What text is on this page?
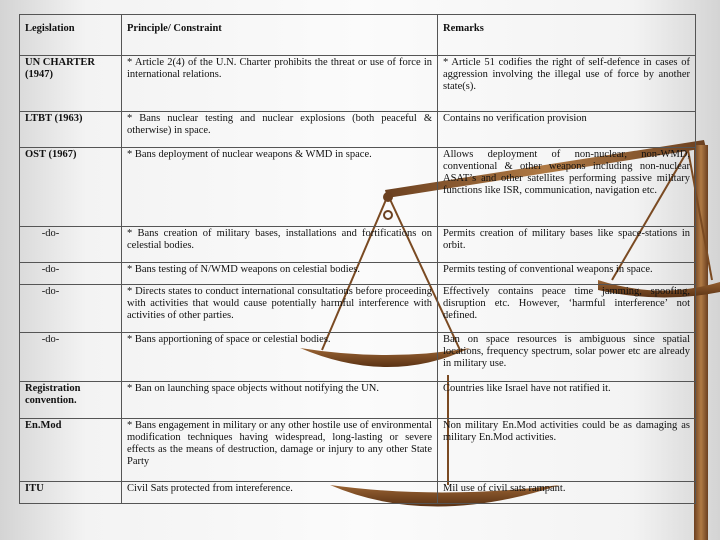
Legislation	Principle/ Constraint	Remarks
UN CHARTER (1947)	* Article 2(4) of the U.N. Charter prohibits the threat or use of force in international relations.	* Article 51 codifies the right of self-defence in cases of aggression involving the illegal use of force by another state(s).
LTBT (1963)	* Bans nuclear testing and nuclear explosions (both peaceful & otherwise) in space.	Contains no verification provision
OST (1967)	* Bans deployment of nuclear weapons & WMD in space.	Allows deployment of non-nuclear, non-WMD, conventional & other weapons including non-nuclear ASAT’s and other satellites performing passive military functions like ISR, communication, navigation etc.
-do-	* Bans creation of military bases, installations and fortifications on celestial bodies.	Permits creation of military bases like space-stations in orbit.
-do-	* Bans testing of N/WMD weapons on celestial bodies.	Permits testing of conventional weapons in space.
-do-	* Directs states to conduct international consultations before proceeding with activities that would cause potentially harmful interference with activities of other parties.	Effectively contains peace time jamming, spoofing, disruption etc. However, ‘harmful interference’ not defined.
-do-	* Bans apportioning of space or celestial bodies.	Ban on space resources is ambiguous since spatial locations, frequency spectrum, solar power etc are already in military use.
Registration convention.	* Ban on launching space objects without notifying the UN.	Countries like Israel have not ratified it.
En.Mod	* Bans engagement in military or any other hostile use of environmental modification techniques having widespread, long-lasting or severe effects as the means of destruction, damage or injury to any other State Party	Non military En.Mod activities could be as damaging as military En.Mod activities.
ITU	Civil Sats protected from intereference.	Mil use of civil sats rampant.
